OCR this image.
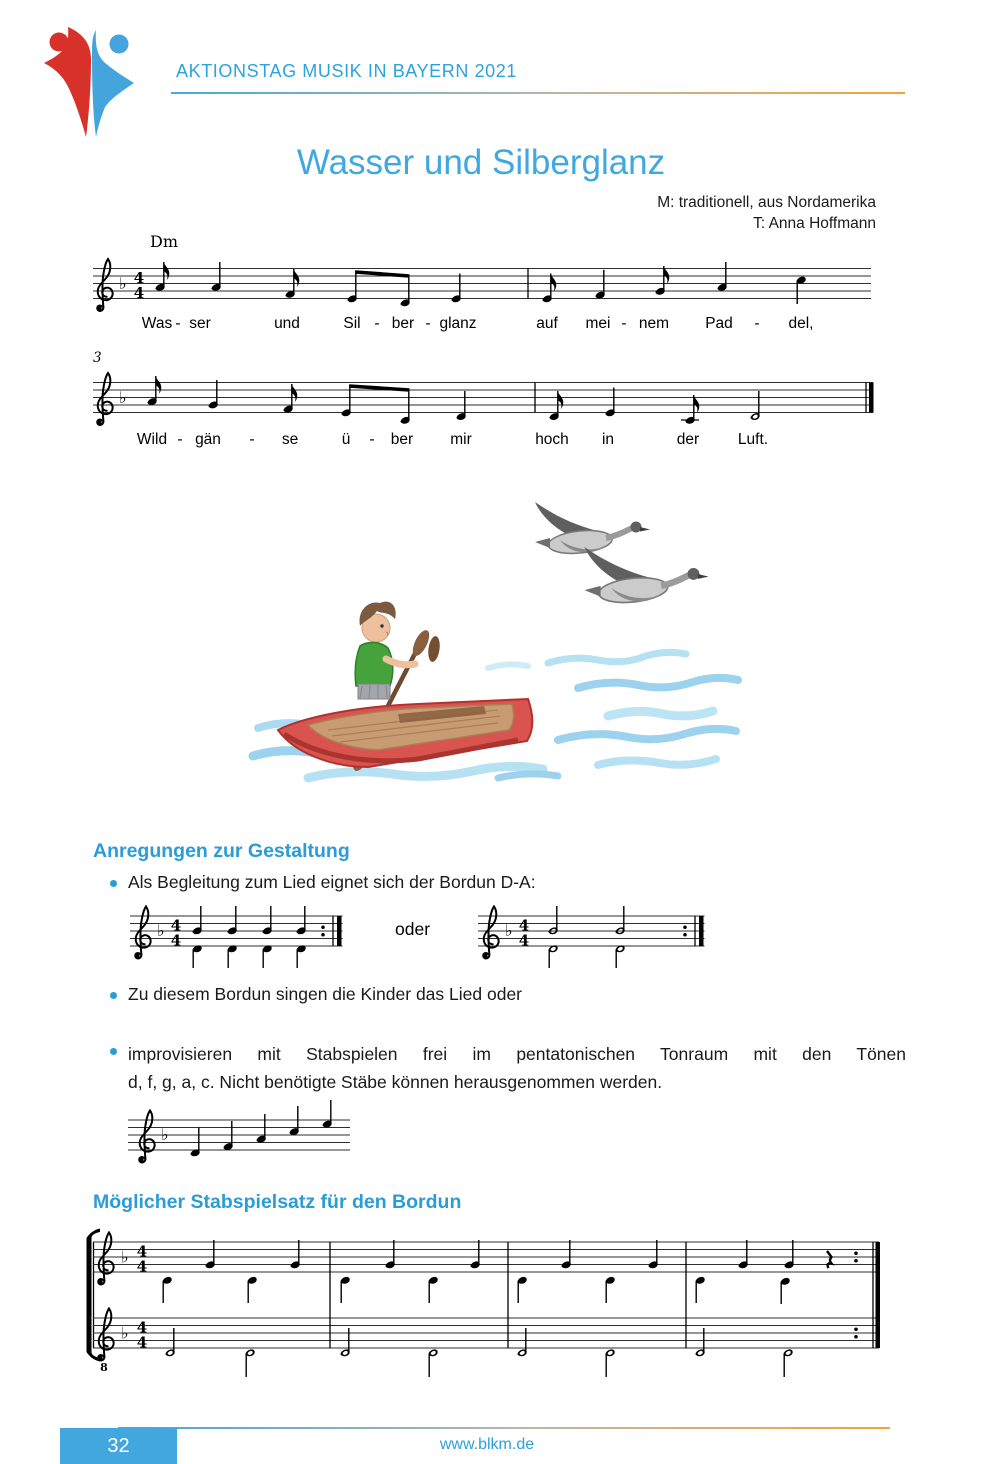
AKTIONSTAG MUSIK IN BAYERN 2021
Wasser und Silberglanz
M: traditionell, aus Nordamerika
T: Anna Hoffmann
♭ 4
4
Dm
Was - ser	und	Sil - ber - glanz	auf mei - nem Pad - del,
3
♭
Wild - gän - se	ü - ber mir	hoch in	der Luft.
Anregungen zur Gestaltung
Als Begleitung zum Lied eignet sich der Bordun D-A:
♭ 4
4
oder	♭ 4
4
Zu diesem Bordun singen die Kinder das Lied oder
improvisieren mit Stabspielen frei im pentatonischen Tonraum mit den Tönen
d, f, g, a, c. Nicht benötigte Stäbe können herausgenommen werden.
♭
Möglicher Stabspielsatz für den Bordun
♭ 4
4
8
♭ 4
4
32	www.blkm.de
